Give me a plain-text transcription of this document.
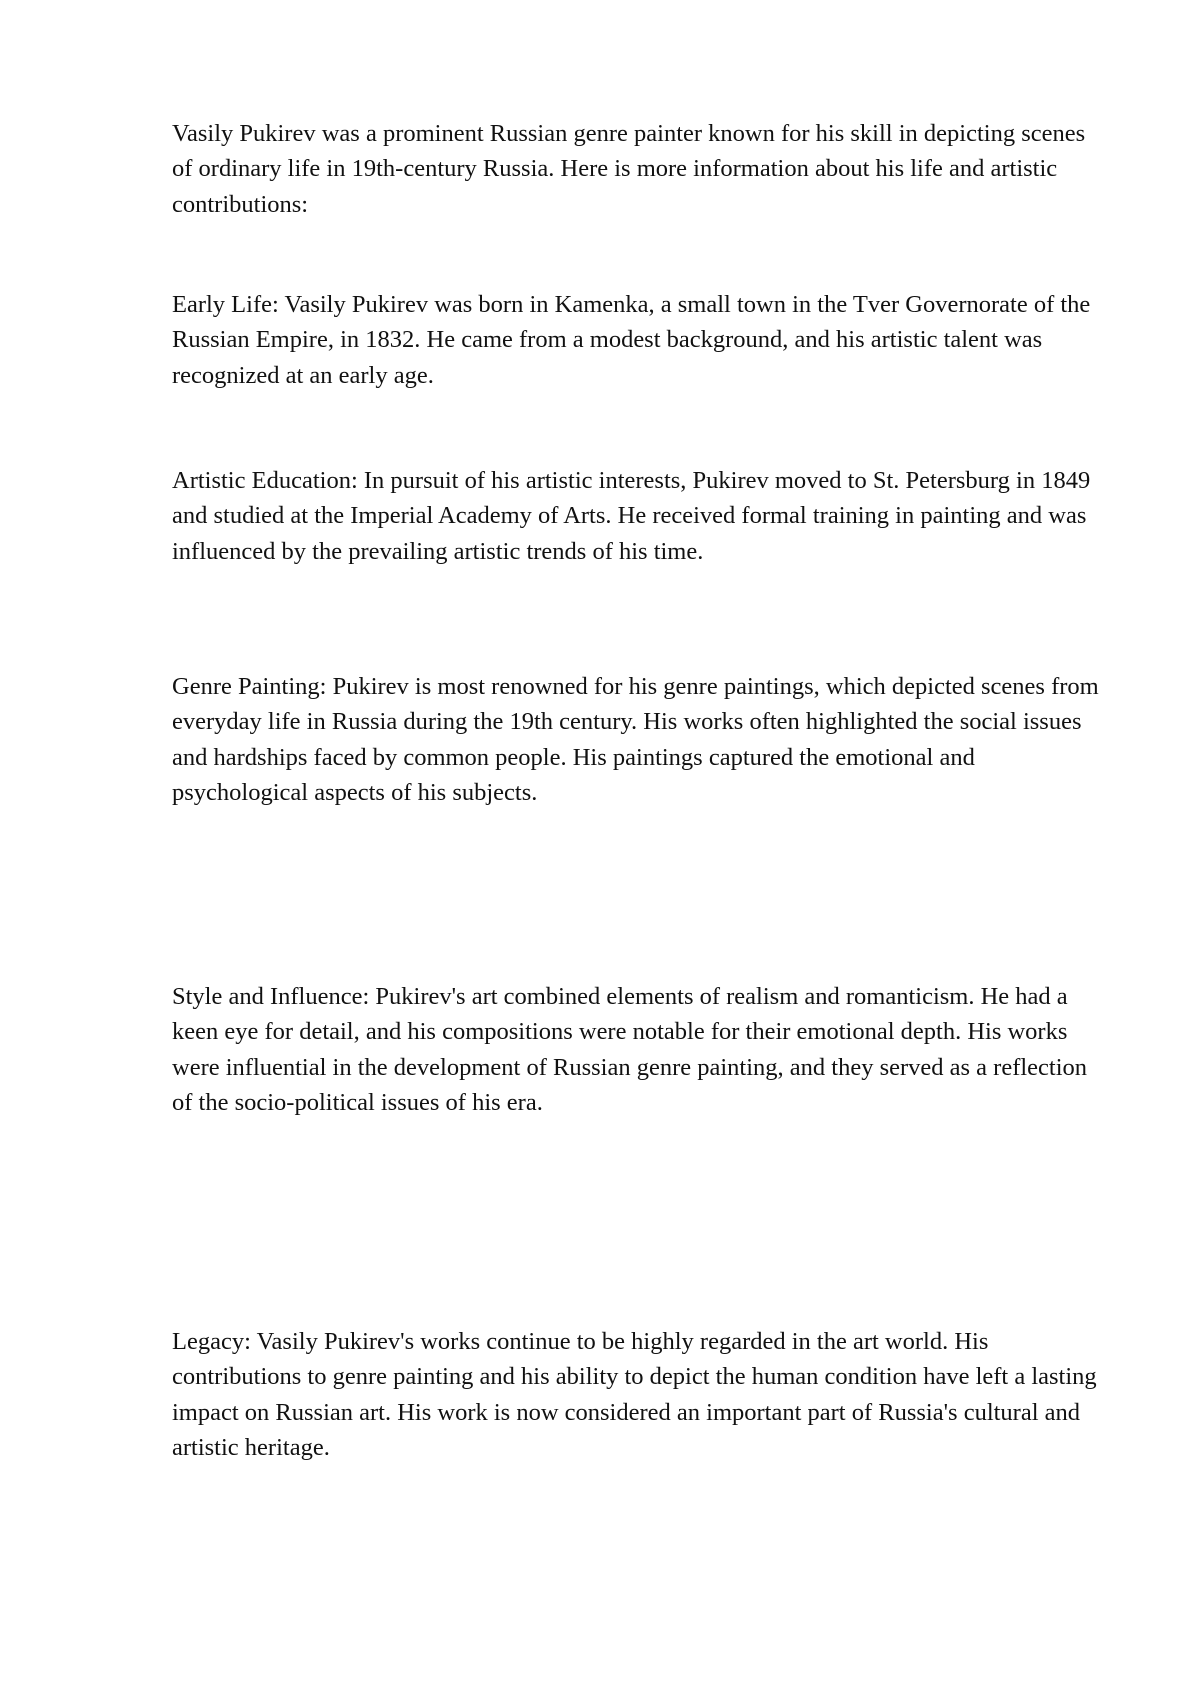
Vasily Pukirev was a prominent Russian genre painter known for his skill in depicting scenes of ordinary life in 19th-century Russia. Here is more information about his life and artistic contributions:

Early Life: Vasily Pukirev was born in Kamenka, a small town in the Tver Governorate of the Russian Empire, in 1832. He came from a modest background, and his artistic talent was recognized at an early age.

Artistic Education: In pursuit of his artistic interests, Pukirev moved to St. Petersburg in 1849 and studied at the Imperial Academy of Arts. He received formal training in painting and was influenced by the prevailing artistic trends of his time.

Genre Painting: Pukirev is most renowned for his genre paintings, which depicted scenes from everyday life in Russia during the 19th century. His works often highlighted the social issues and hardships faced by common people. His paintings captured the emotional and psychological aspects of his subjects.

Style and Influence: Pukirev's art combined elements of realism and romanticism. He had a keen eye for detail, and his compositions were notable for their emotional depth. His works were influential in the development of Russian genre painting, and they served as a reflection of the socio-political issues of his era.

Legacy: Vasily Pukirev's works continue to be highly regarded in the art world. His contributions to genre painting and his ability to depict the human condition have left a lasting impact on Russian art. His work is now considered an important part of Russia's cultural and artistic heritage.
